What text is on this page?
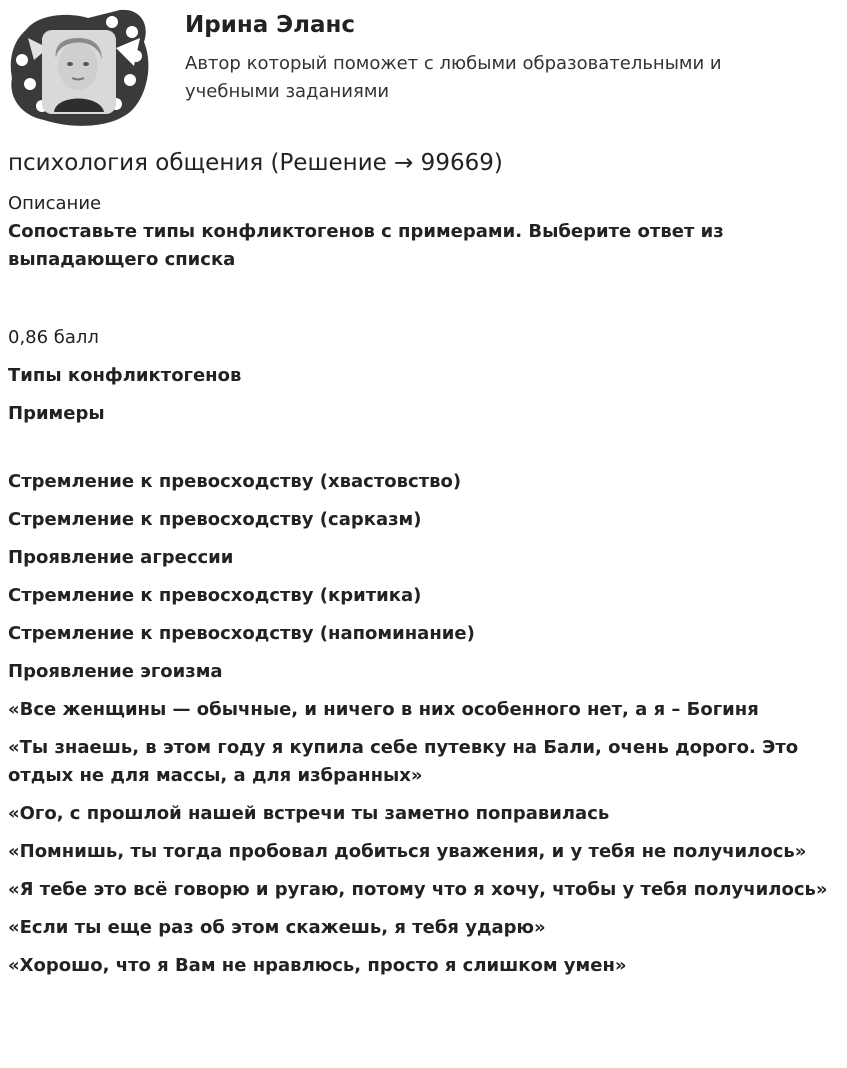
Ирина Эланс
Автор который поможет с любыми образовательными и учебными заданиями
психология общения (Решение → 99669)
Описание
Сопоставьте типы конфликтогенов с примерами. Выберите ответ из выпадающего списка
0,86 балл
Типы конфликтогенов
Примеры
Стремление к превосходству (хвастовство)
Стремление к превосходству (сарказм)
Проявление агрессии
Стремление к превосходству (критика)
Стремление к превосходству (напоминание)
Проявление эгоизма
«Все женщины — обычные, и ничего в них особенного нет, а я – Богиня
«Ты знаешь, в этом году я купила себе путевку на Бали, очень дорого. Это отдых не для массы, а для избранных»
«Ого, с прошлой нашей встречи ты заметно поправилась
«Помнишь, ты тогда пробовал добиться уважения, и у тебя не получилось»
«Я тебе это всё говорю и ругаю, потому что я хочу, чтобы у тебя получилось»
«Если ты еще раз об этом скажешь, я тебя ударю»
«Хорошо, что я Вам не нравлюсь, просто я слишком умен»
